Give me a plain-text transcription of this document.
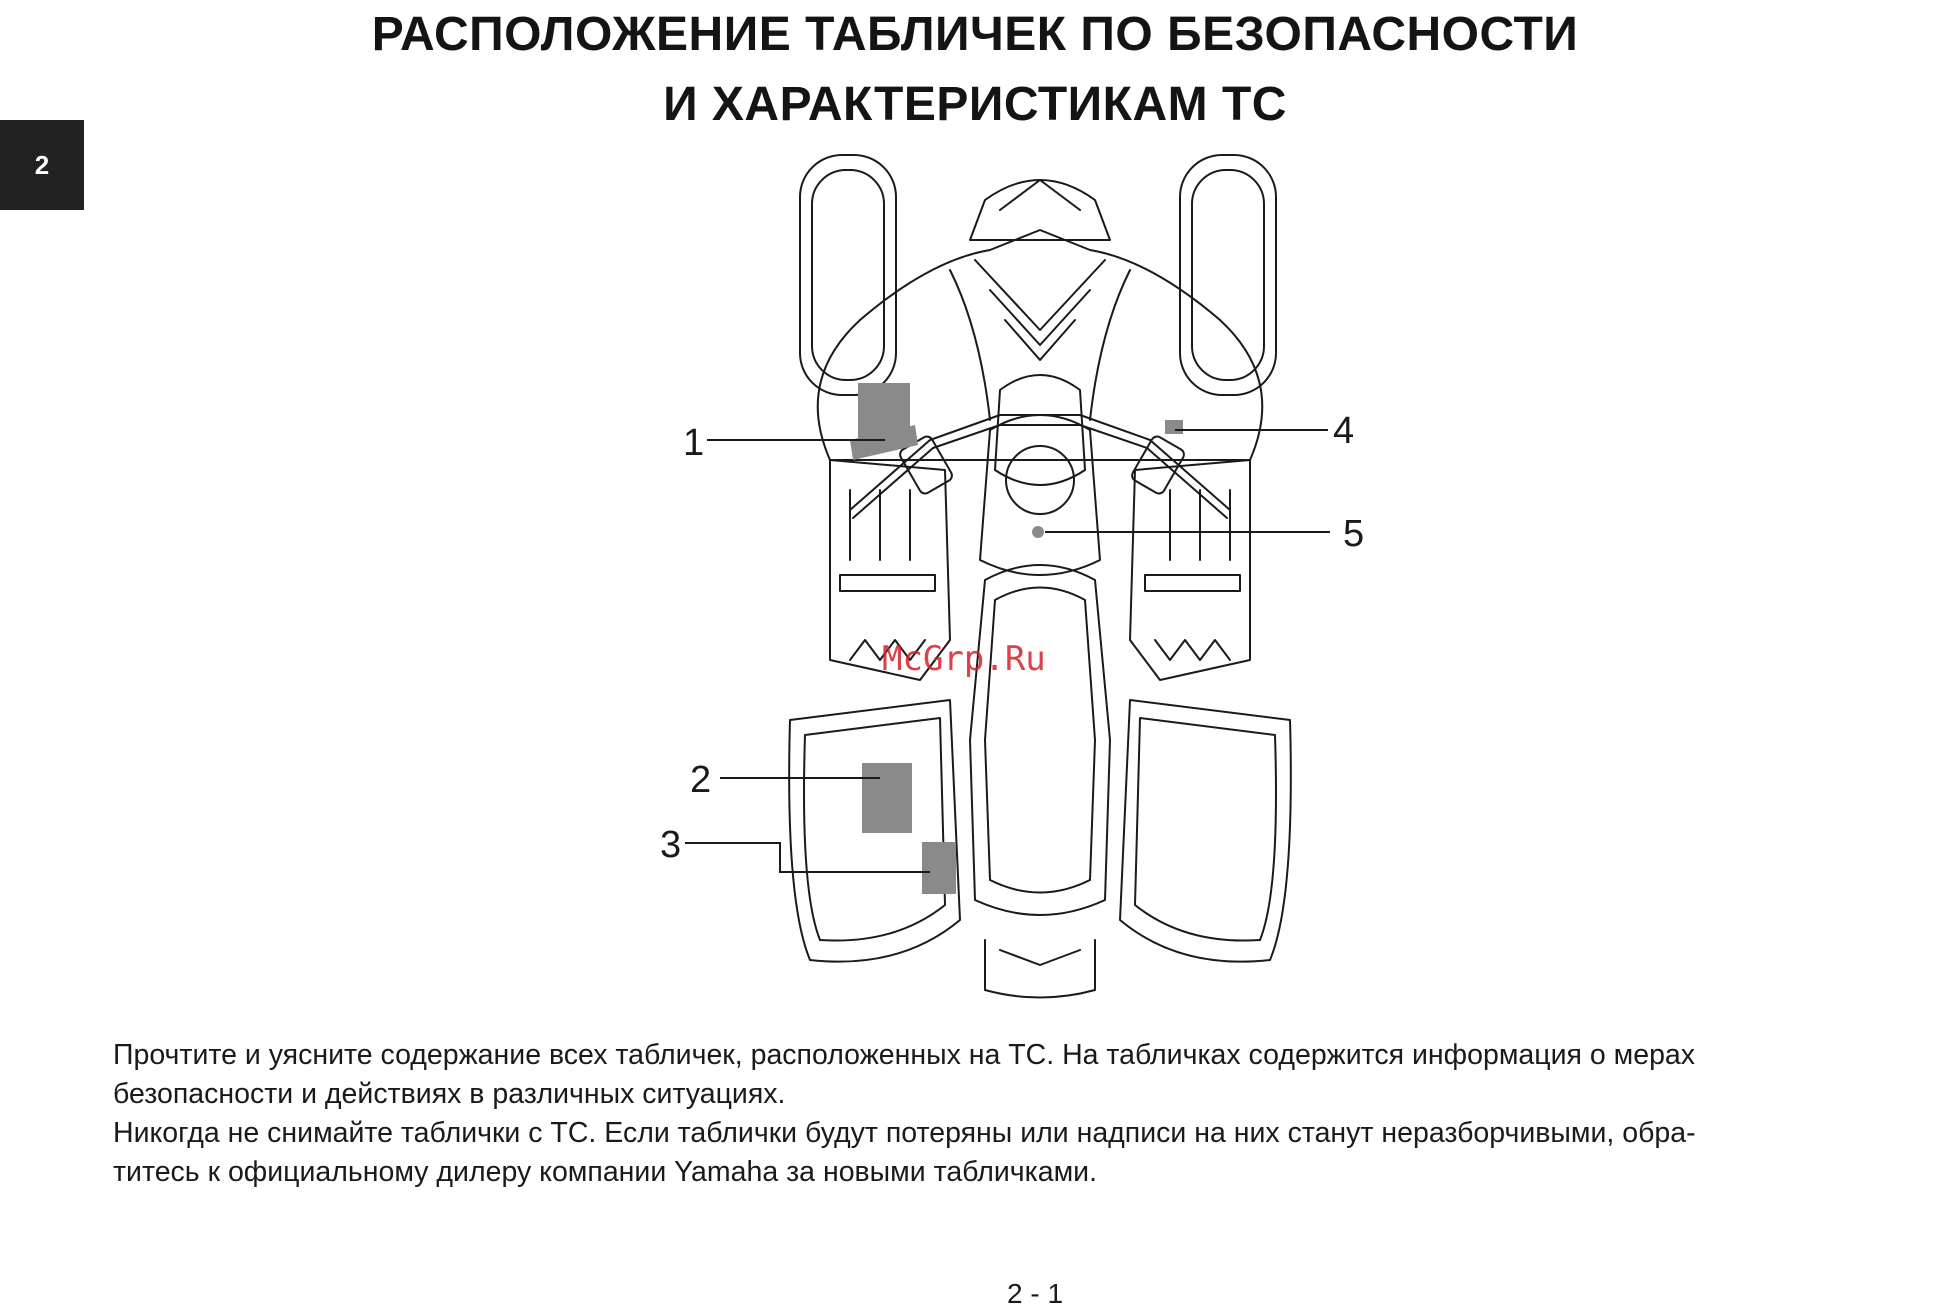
РАСПОЛОЖЕНИЕ ТАБЛИЧЕК ПО БЕЗОПАСНОСТИ
И ХАРАКТЕРИСТИКАМ ТС
2
1
2
3
4
5
McGrp.Ru

Прочтите и уясните содержание всех табличек, расположенных на ТС. На табличках содержится информация о мерах

безопасности и действиях в различных ситуациях.

Никогда не снимайте таблички с ТС. Если таблички будут потеряны или надписи на них станут неразборчивыми, обра-

титесь к официальному дилеру компании Yamaha за новыми табличками.

2 - 1
